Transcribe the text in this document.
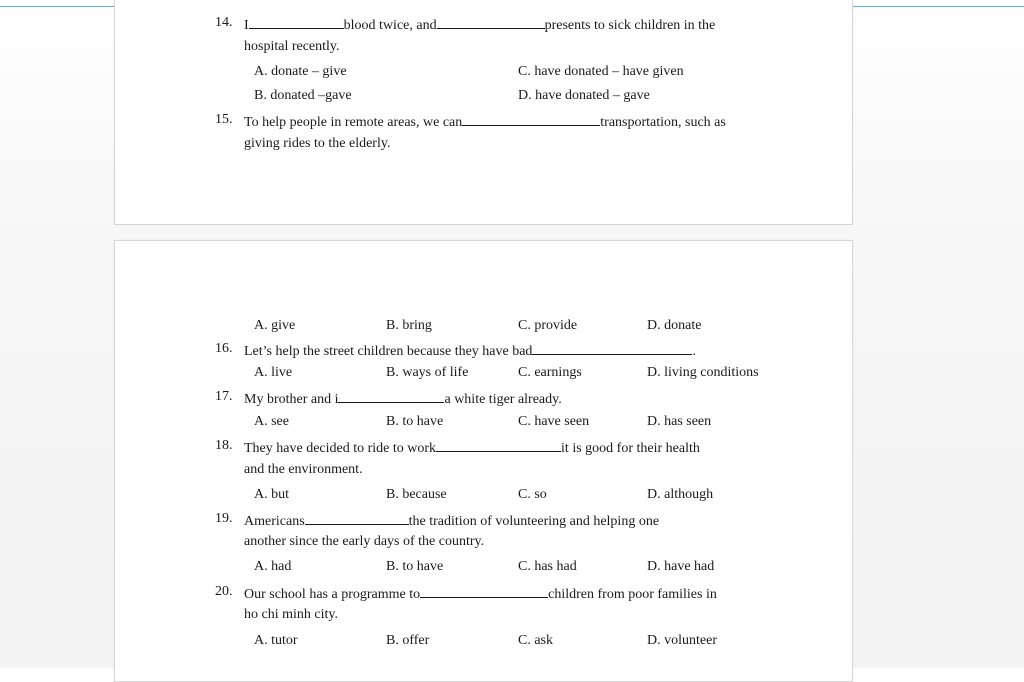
14. I	blood twice, and	presents to sick children in the
hospital recently.
A. donate – give	C. have donated – have given
B. donated –gave	D. have donated – gave
15. To help people in remote areas, we can	transportation, such as
giving rides to the elderly.
A. give	B. bring	C. provide	D. donate
16. Let’s help the street children because they have bad	.
A. live	B. ways of life	C. earnings	D. living conditions
17. My brother and i	a white tiger already.
A. see	B. to have	C. have seen	D. has seen
18. They have decided to ride to work	it is good for their health
and the environment.
A. but	B. because	C. so	D. although
19. Americans	the tradition of volunteering and helping one
another since the early days of the country.
A. had	B. to have	C. has had	D. have had
20. Our school has a programme to	children from poor families in
ho chi minh city.
A. tutor	B. offer	C. ask	D. volunteer
